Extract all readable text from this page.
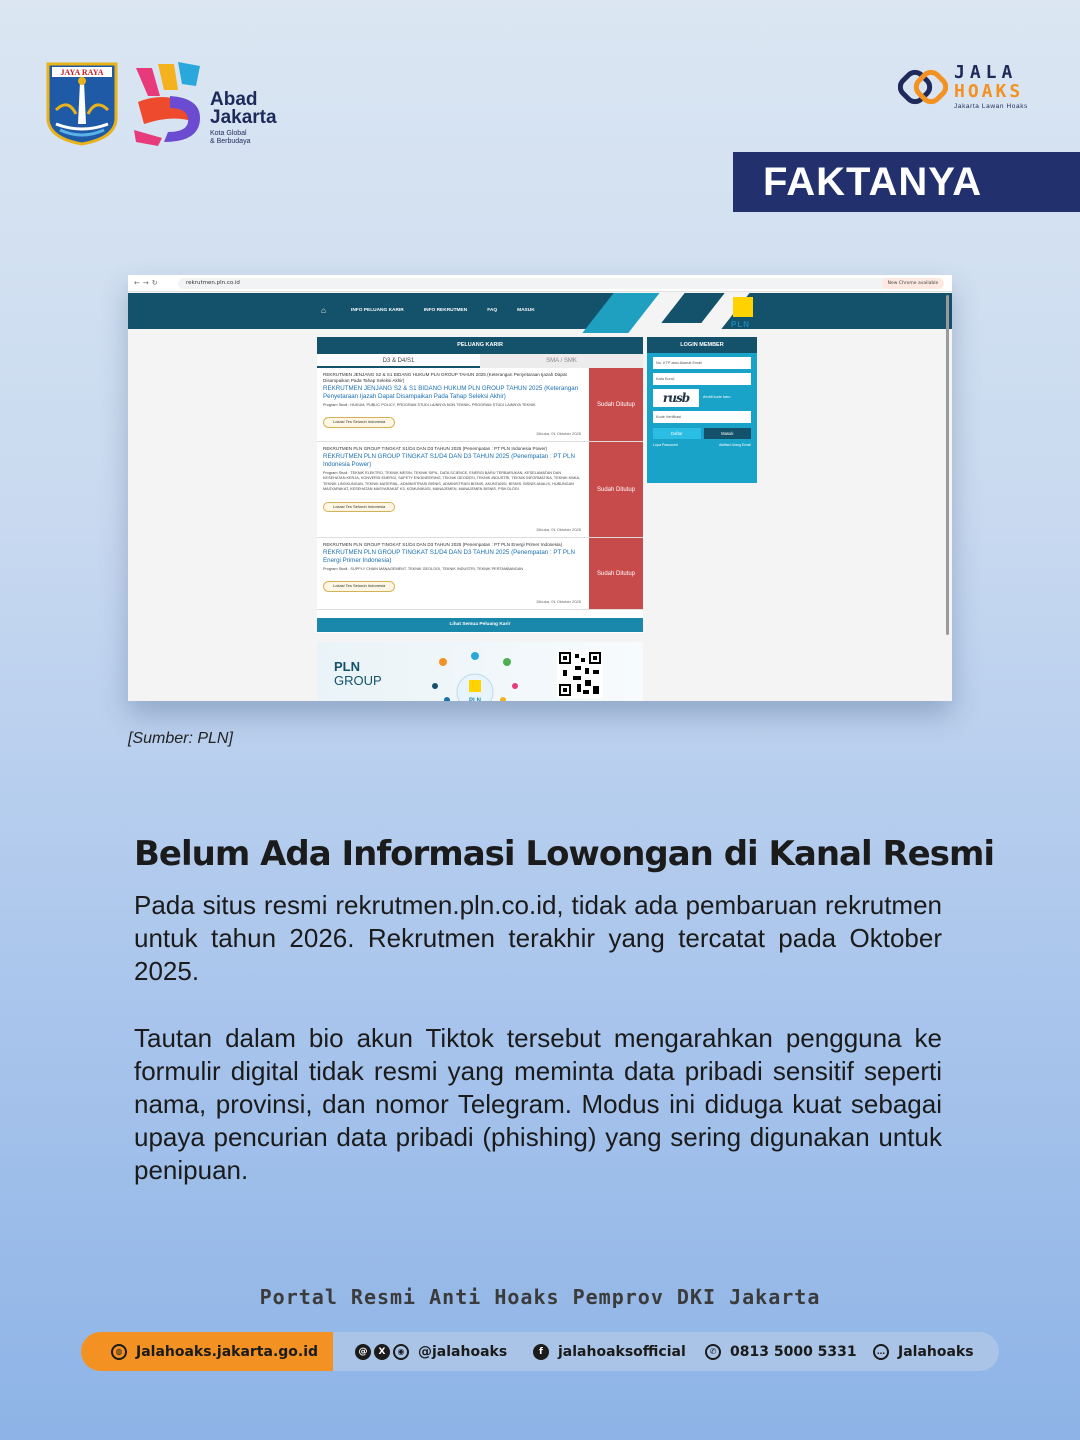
JAYA RAYA
Abad
Jakarta
Kota Global
& Berbudaya
JALA
HOAKS
Jakarta Lawan Hoaks
FAKTANYA
←→↻	rekrutmen.pln.co.id	New Chrome available
PLN
⌂	INFO PELUANG KARIR	INFO REKRUTMEN	FAQ	MASUK
PELUANG KARIR
D3 & D4/S1	SMA / SMK
REKRUTMEN JENJANG S2 & S1 BIDANG HUKUM PLN GROUP TAHUN 2025 (Keterangan Penyetaraan Ijazah Dapat Disampaikan Pada Tahap Seleksi Akhir)
REKRUTMEN JENJANG S2 & S1 BIDANG HUKUM PLN GROUP TAHUN 2025 (Keterangan Penyetaraan Ijazah Dapat Disampaikan Pada Tahap Seleksi Akhir)
Program Studi : HUKUM, PUBLIC POLICY, PROGRAM STUDI LAINNYA NON TEKNIK, PROGRAM STUDI LAINNYA TEKNIK
Lokasi Tes Seluruh Indonesia
Dibuka, 01 Oktober 2025
Sudah Ditutup
REKRUTMEN PLN GROUP TINGKAT S1/D4 DAN D3 TAHUN 2025 (Penempatan : PT PLN Indonesia Power)
REKRUTMEN PLN GROUP TINGKAT S1/D4 DAN D3 TAHUN 2025 (Penempatan : PT PLN Indonesia Power)
Program Studi : TEKNIK ELEKTRO, TEKNIK MESIN, TEKNIK SIPIL, DATA SCIENCE, ENERGI BARU TERBARUKAN, KESELAMATAN DAN KESEHATAN KERJA, KONVERSI ENERGI, SAFETY ENGINEERING, TEKNIK GEODESI, TEKNIK INDUSTRI, TEKNIK INFORMATIKA, TEKNIK KIMIA, TEKNIK LINGKUNGAN, TEKNIK MATERIAL, ADMINISTRASI BISNIS, ADMINISTRASI BISNIS, AKUNTANSI, BISNIS, BISNIS ANALIS, HUBUNGAN MASYARAKAT, KESEHATAN MASYARAKAT K3, KOMUNIKASI, MANAJEMEN, MANAJEMEN BISNIS, PSIKOLOGI
Lokasi Tes Seluruh Indonesia
Dibuka, 01 Oktober 2025
Sudah Ditutup
REKRUTMEN PLN GROUP TINGKAT S1/D4 DAN D3 TAHUN 2025 (Penempatan : PT PLN Energi Primer Indonesia)
REKRUTMEN PLN GROUP TINGKAT S1/D4 DAN D3 TAHUN 2025 (Penempatan : PT PLN Energi Primer Indonesia)
Program Studi : SUPPLY CHAIN MANAGEMENT, TEKNIK GEOLOGI, TEKNIK INDUSTRI, TEKNIK PERTAMBANGAN
Lokasi Tes Seluruh Indonesia
Dibuka, 01 Oktober 2025
Sudah Ditutup
Lihat Semua Peluang Karir
LOGIN MEMBER
No. KTP atau Alamat Email
Kata Kunci
rusb	Ambil kode baru
Kode Verifikasi
Daftar	Masuk
Lupa Password	Aktifasi Ulang Email
PLN
GROUP
PLN
[Sumber: PLN]
Belum Ada Informasi Lowongan di Kanal Resmi
Pada situs resmi rekrutmen.pln.co.id, tidak ada pembaruan rekrutmen untuk tahun 2026. Rekrutmen terakhir yang tercatat pada Oktober 2025.
Tautan dalam bio akun Tiktok tersebut mengarahkan pengguna ke formulir digital tidak resmi yang meminta data pribadi sensitif seperti nama, provinsi, dan nomor Telegram. Modus ini diduga kuat sebagai upaya pencurian data pribadi (phishing) yang sering digunakan untuk penipuan.
Portal Resmi Anti Hoaks Pemprov DKI Jakarta
◍ Jalahoaks.jakarta.go.id	@	X	◉ @jalahoaks	f	jalahoaksofficial	✆ 0813 5000 5331	… Jalahoaks
